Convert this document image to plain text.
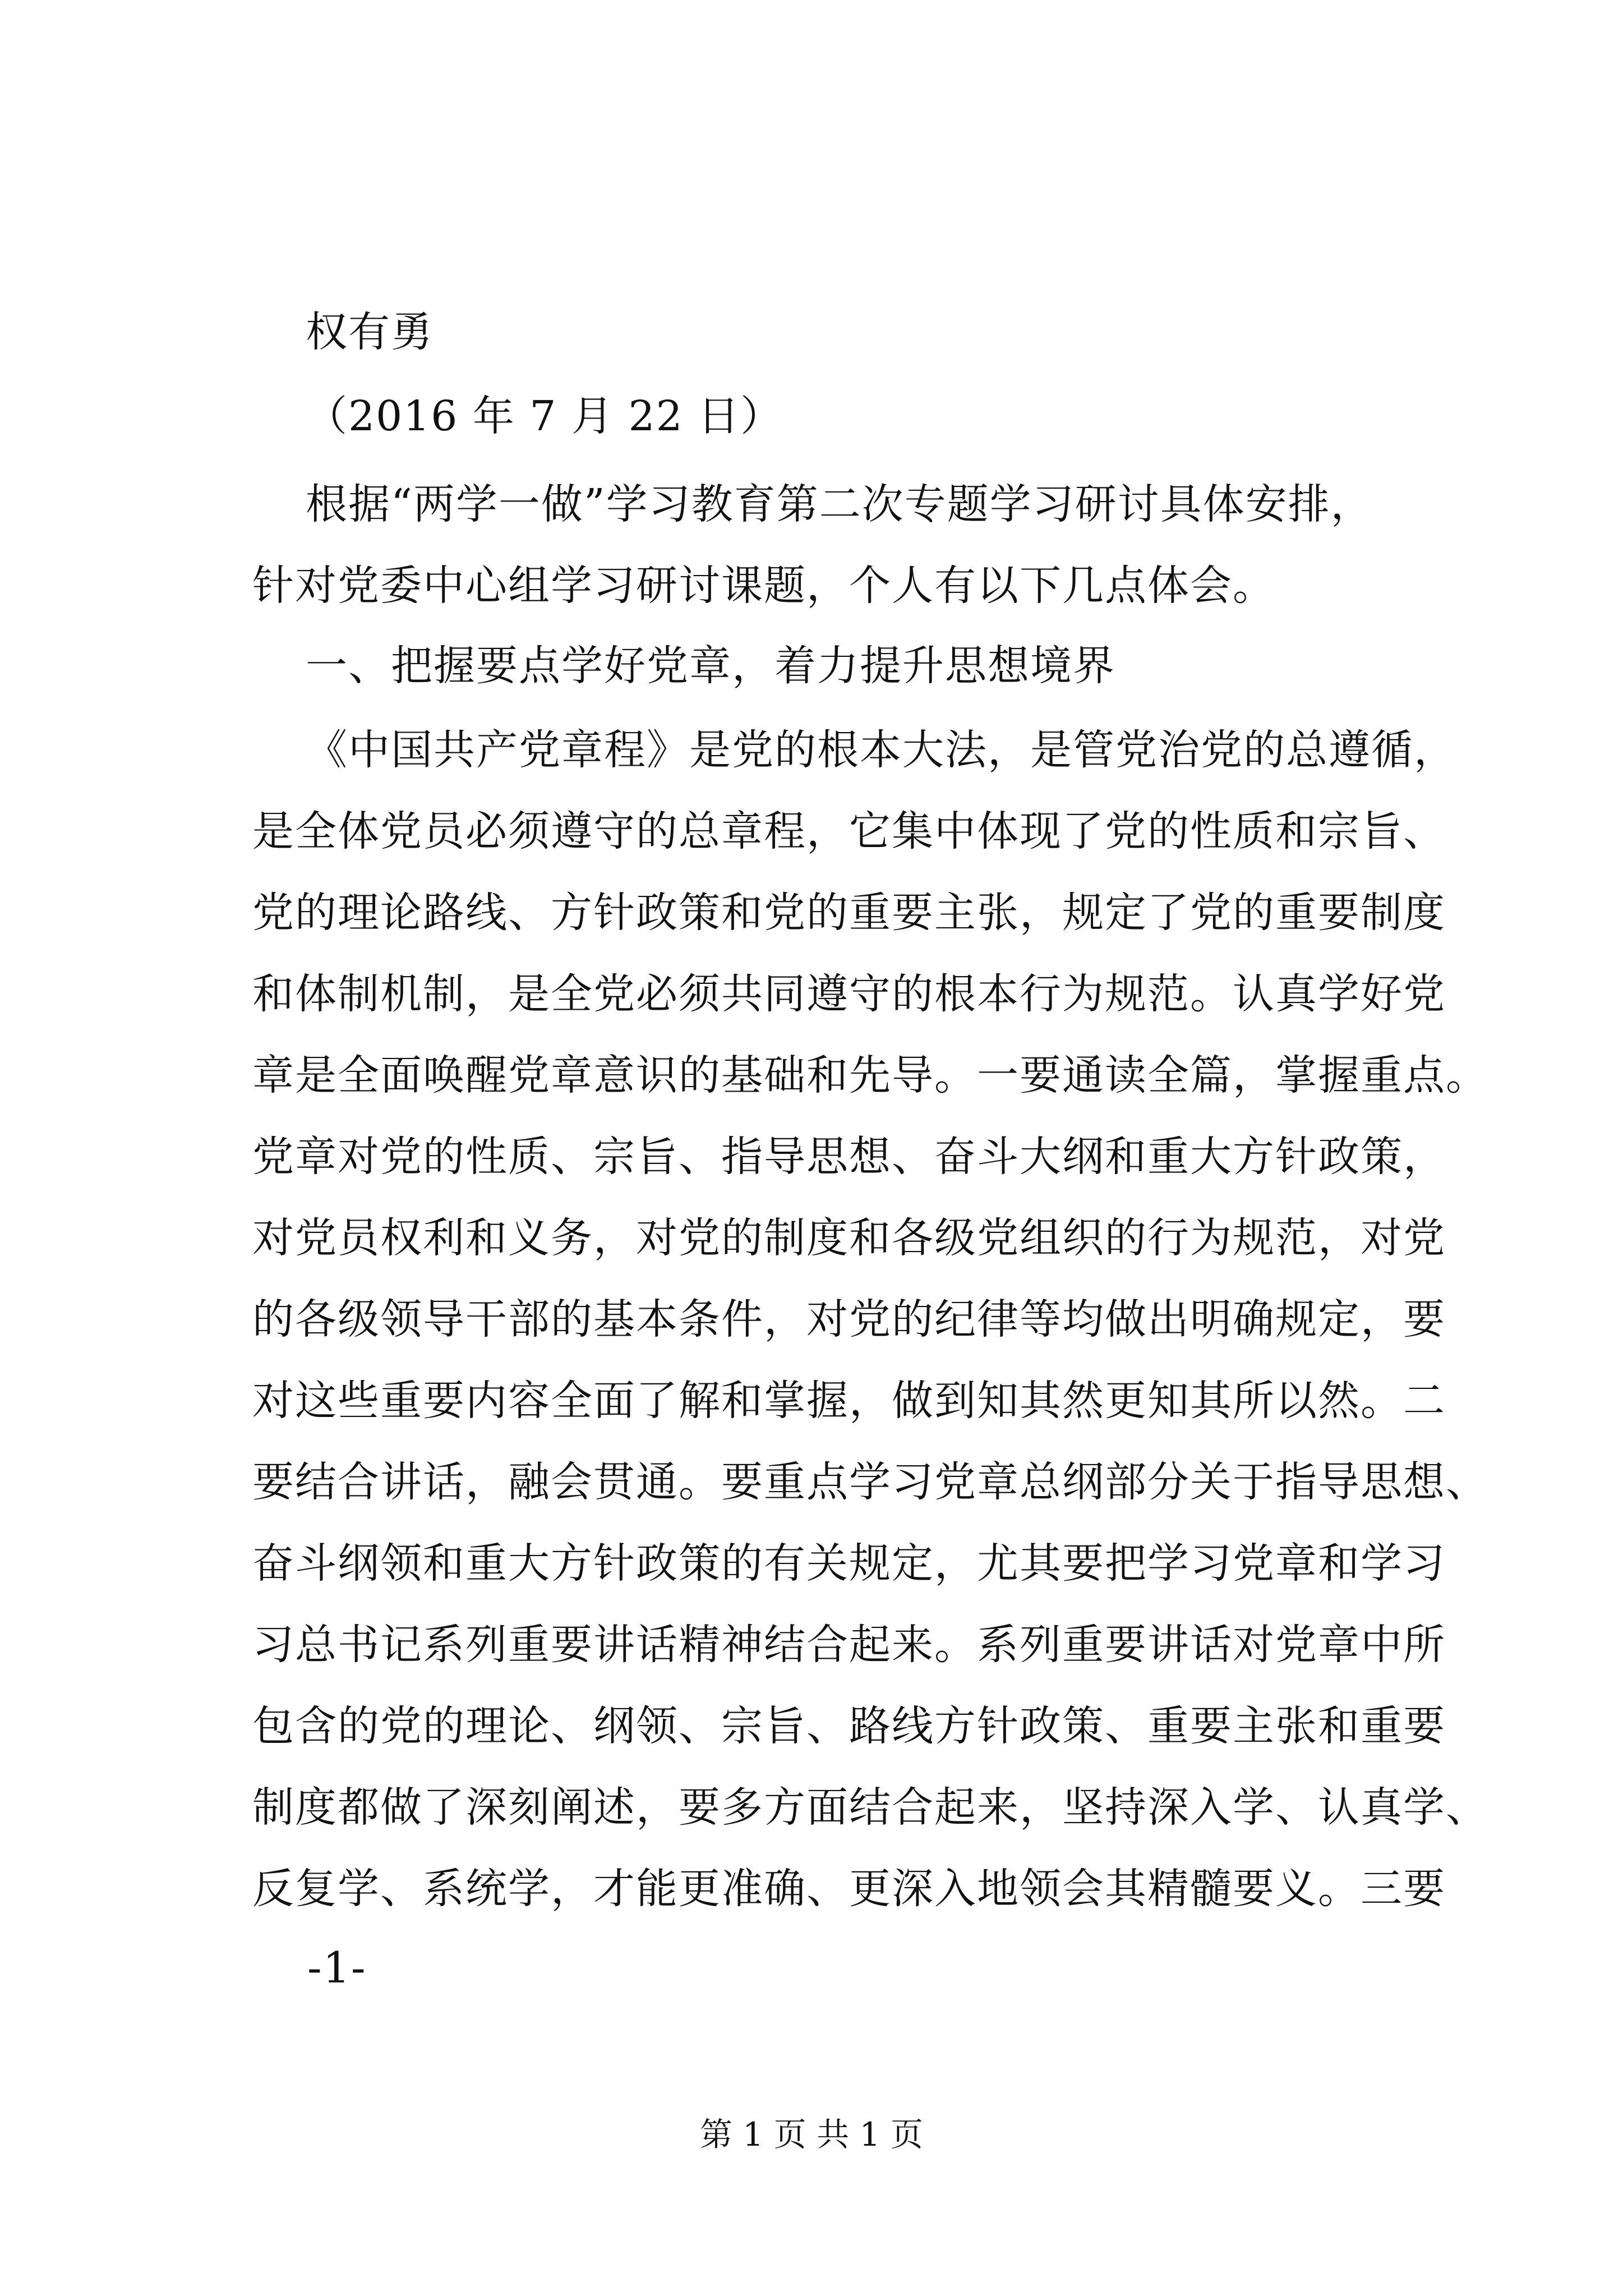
权有勇
（2016 年 7 月 22 日）
根据“两学一做”学习教育第二次专题学习研讨具体安排，
针对党委中心组学习研讨课题，个人有以下几点体会。
一、把握要点学好党章，着力提升思想境界
《中国共产党章程》是党的根本大法，是管党治党的总遵循，
是全体党员必须遵守的总章程，它集中体现了党的性质和宗旨、
党的理论路线、方针政策和党的重要主张，规定了党的重要制度
和体制机制，是全党必须共同遵守的根本行为规范。认真学好党
章是全面唤醒党章意识的基础和先导。一要通读全篇，掌握重点。
党章对党的性质、宗旨、指导思想、奋斗大纲和重大方针政策，
对党员权利和义务，对党的制度和各级党组织的行为规范，对党
的各级领导干部的基本条件，对党的纪律等均做出明确规定，要
对这些重要内容全面了解和掌握，做到知其然更知其所以然。二
要结合讲话，融会贯通。要重点学习党章总纲部分关于指导思想、
奋斗纲领和重大方针政策的有关规定，尤其要把学习党章和学习
习总书记系列重要讲话精神结合起来。系列重要讲话对党章中所
包含的党的理论、纲领、宗旨、路线方针政策、重要主张和重要
制度都做了深刻阐述，要多方面结合起来，坚持深入学、认真学、
反复学、系统学，才能更准确、更深入地领会其精髓要义。三要
-1-
第 1 页 共 1 页
